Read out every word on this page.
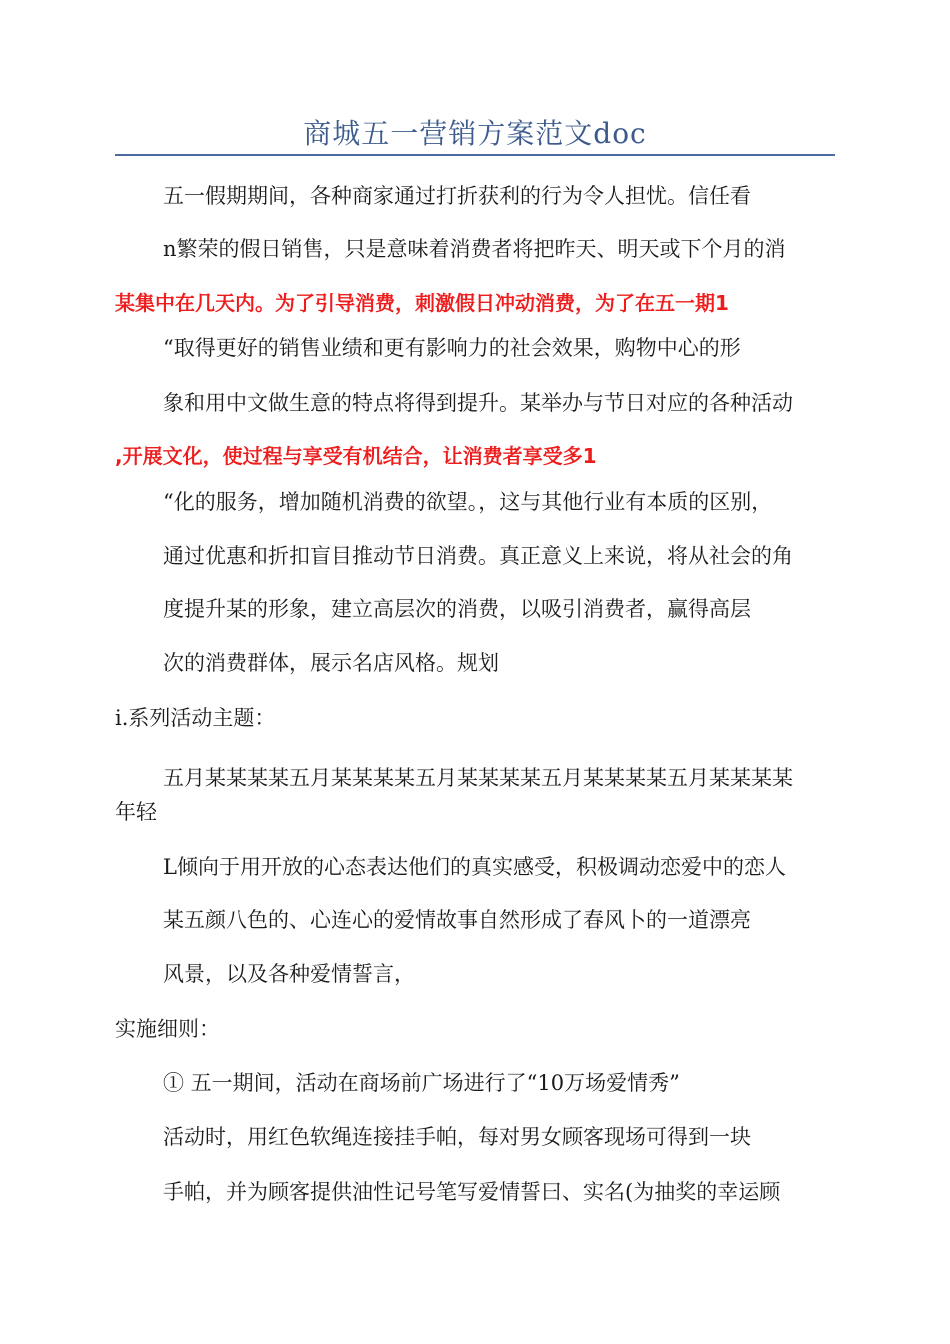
商城五一营销方案范文doc
五一假期期间，各种商家通过打折获利的行为令人担忧。信任看
n繁荣的假日销售，只是意味着消费者将把昨天、明天或下个月的消
某集中在几天内。为了引导消费，刺激假日冲动消费，为了在五一期1
“取得更好的销售业绩和更有影响力的社会效果，购物中心的形
象和用中文做生意的特点将得到提升。某举办与节日对应的各种活动
,开展文化，使过程与享受有机结合，让消费者享受多1
“化的服务，增加随机消费的欲望。，这与其他行业有本质的区别，
通过优惠和折扣盲目推动节日消费。真正意义上来说，将从社会的角
度提升某的形象，建立高层次的消费，以吸引消费者，赢得高层
次的消费群体，展示名店风格。规划
i.系列活动主题：
五月某某某某五月某某某某五月某某某某五月某某某某五月某某某某
年轻
L倾向于用开放的心态表达他们的真实感受，积极调动恋爱中的恋人
某五颜八色的、心连心的爱情故事自然形成了春风卜的一道漂亮
风景，以及各种爱情誓言，
实施细则：
① 五一期间，活动在商场前广场进行了“10万场爱情秀”
活动时，用红色软绳连接挂手帕，每对男女顾客现场可得到一块
手帕，并为顾客提供油性记号笔写爱情誓曰、实名(为抽奖的幸运顾
